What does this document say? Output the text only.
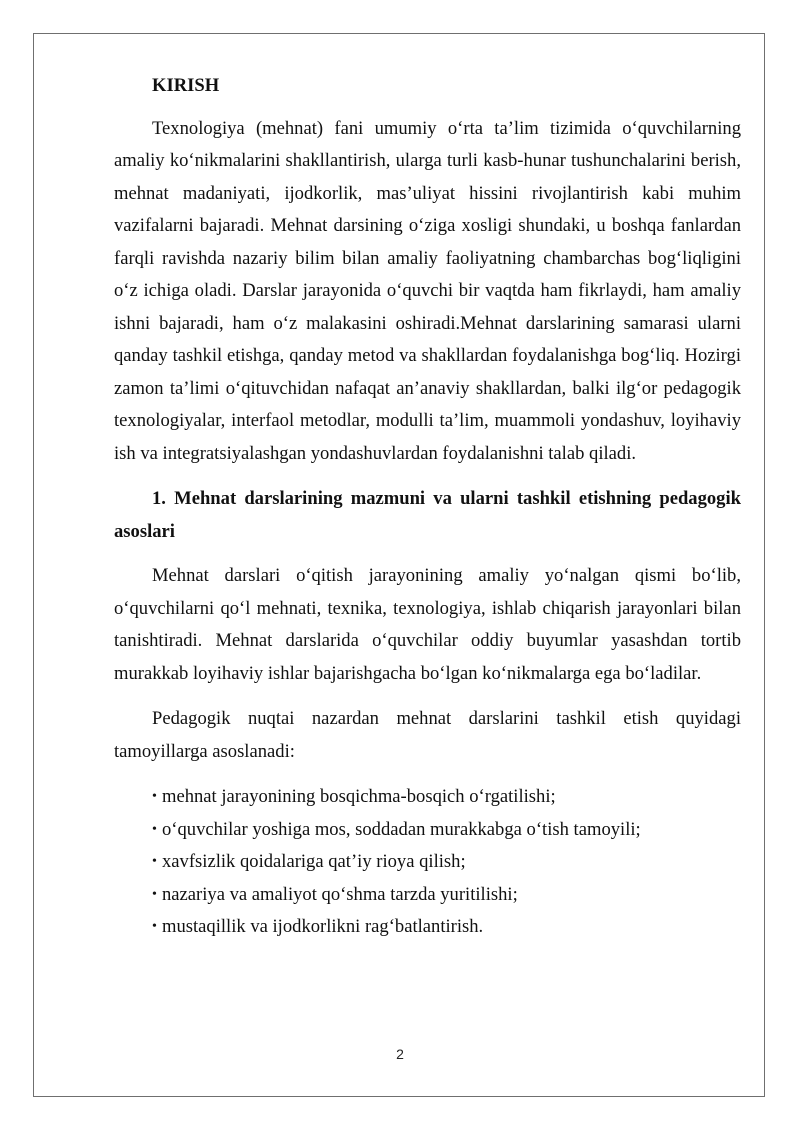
KIRISH

Texnologiya (mehnat) fani umumiy o‘rta ta’lim tizimida o‘quvchilarning amaliy ko‘nikmalarini shakllantirish, ularga turli kasb-hunar tushunchalarini berish, mehnat madaniyati, ijodkorlik, mas’uliyat hissini rivojlantirish kabi muhim vazifalarni bajaradi. Mehnat darsining o‘ziga xosligi shundaki, u boshqa fanlardan farqli ravishda nazariy bilim bilan amaliy faoliyatning chambarchas bog‘liqligini o‘z ichiga oladi. Darslar jarayonida o‘quvchi bir vaqtda ham fikrlaydi, ham amaliy ishni bajaradi, ham o‘z malakasini oshiradi.Mehnat darslarining samarasi ularni qanday tashkil etishga, qanday metod va shakllardan foydalanishga bog‘liq. Hozirgi zamon ta’limi o‘qituvchidan nafaqat an’anaviy shakllardan, balki ilg‘or pedagogik texnologiyalar, interfaol metodlar, modulli ta’lim, muammoli yondashuv, loyihaviy ish va integratsiyalashgan yondashuvlardan foydalanishni talab qiladi.

1. Mehnat darslarining mazmuni va ularni tashkil etishning pedagogik asoslari

Mehnat darslari o‘qitish jarayonining amaliy yo‘nalgan qismi bo‘lib, o‘quvchilarni qo‘l mehnati, texnika, texnologiya, ishlab chiqarish jarayonlari bilan tanishtiradi. Mehnat darslarida o‘quvchilar oddiy buyumlar yasashdan tortib murakkab loyihaviy ishlar bajarishgacha bo‘lgan ko‘nikmalarga ega bo‘ladilar.

Pedagogik nuqtai nazardan mehnat darslarini tashkil etish quyidagi tamoyillarga asoslanadi:

• mehnat jarayonining bosqichma-bosqich o‘rgatilishi;
• o‘quvchilar yoshiga mos, soddadan murakkabga o‘tish tamoyili;
• xavfsizlik qoidalariga qat’iy rioya qilish;
• nazariya va amaliyot qo‘shma tarzda yuritilishi;
• mustaqillik va ijodkorlikni rag‘batlantirish.
2
